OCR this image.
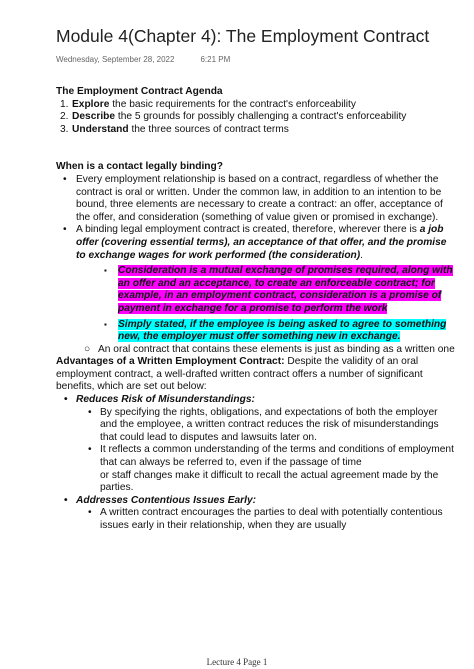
Module 4(Chapter 4): The Employment Contract
Wednesday, September 28, 2022	6:21 PM
The Employment Contract Agenda
1. Explore the basic requirements for the contract's enforceability
2. Describe the 5 grounds for possibly challenging a contract's enforceability
3. Understand the three sources of contract terms
When is a contact legally binding?
• Every employment relationship is based on a contract, regardless of whether the contract is oral or written. Under the common law, in addition to an intention to be bound, three elements are necessary to create a contract: an offer, acceptance of the offer, and consideration (something of value given or promised in exchange).
• A binding legal employment contract is created, therefore, wherever there is a job offer (covering essential terms), an acceptance of that offer, and the promise to exchange wages for work performed (the consideration).
▪ Consideration is a mutual exchange of promises required, along with an offer and an acceptance, to create an enforceable contract; for example, in an employment contract, consideration is a promise of
payment in exchange for a promise to perform the work
▪ Simply stated, if the employee is being asked to agree to something new, the employer must offer something new in exchange.
○ An oral contract that contains these elements is just as binding as a written one
Advantages of a Written Employment Contract: Despite the validity of an oral employment contract, a well-drafted written contract offers a number of significant benefits, which are set out below:
• Reduces Risk of Misunderstandings:
• By specifying the rights, obligations, and expectations of both the employer and the employee, a written contract reduces the risk of misunderstandings that could lead to disputes and lawsuits later on.
• It reflects a common understanding of the terms and conditions of employment that can always be referred to, even if the passage of time
or staff changes make it difficult to recall the actual agreement made by the parties.
• Addresses Contentious Issues Early:
• A written contract encourages the parties to deal with potentially contentious issues early in their relationship, when they are usually
Lecture 4 Page 1
